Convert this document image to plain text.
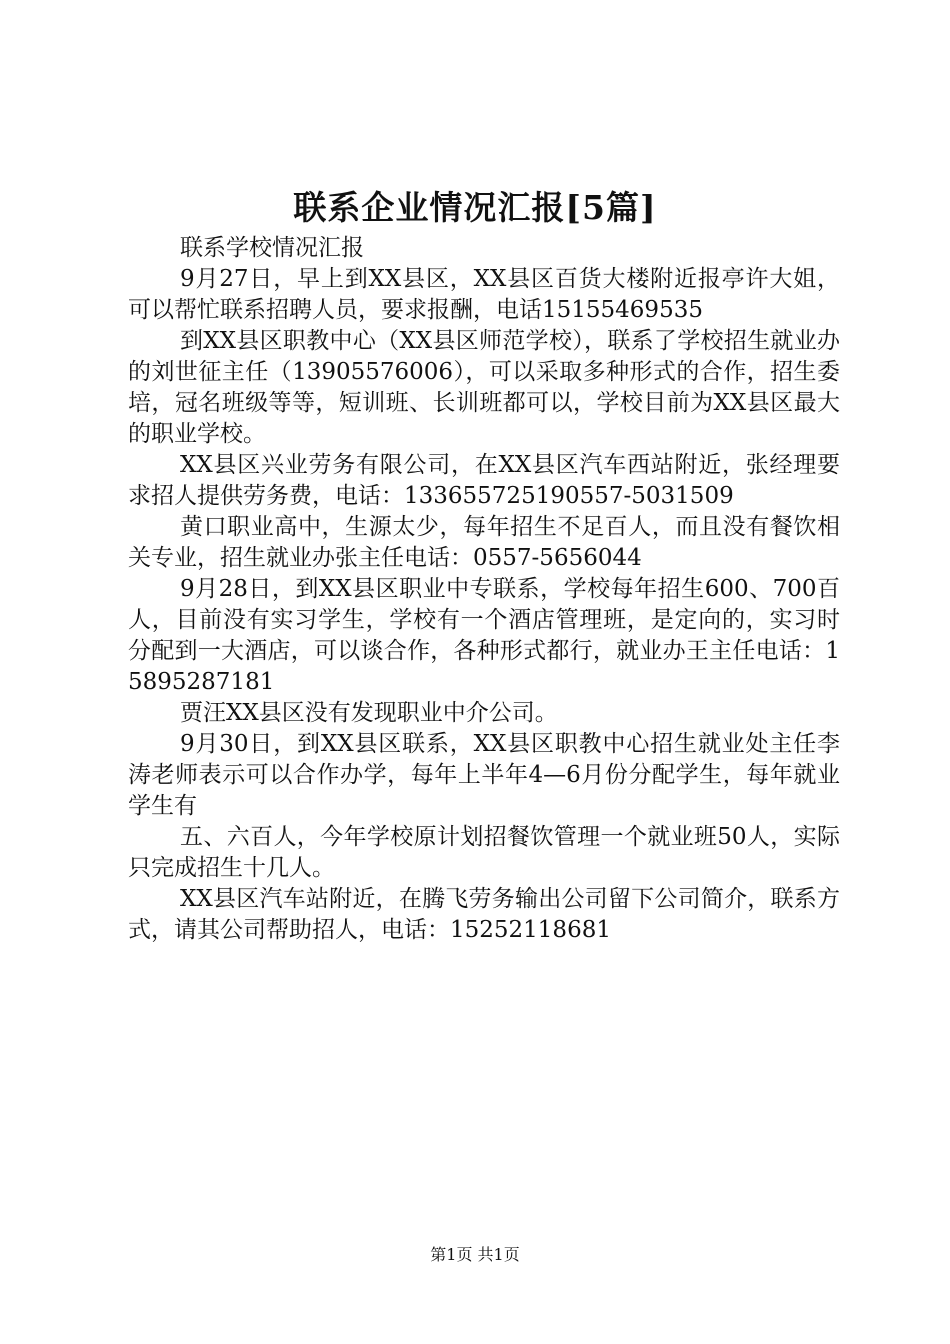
联系企业情况汇报[5篇]

联系学校情况汇报

9月27日，早上到XX县区，XX县区百货大楼附近报亭许大姐，可以帮忙联系招聘人员，要求报酬，电话15155469535

到XX县区职教中心（XX县区师范学校），联系了学校招生就业办的刘世征主任（13905576006），可以采取多种形式的合作，招生委培，冠名班级等等，短训班、长训班都可以，学校目前为XX县区最大的职业学校。

XX县区兴业劳务有限公司，在XX县区汽车西站附近，张经理要求招人提供劳务费，电话：133655725190557-5031509

黄口职业高中，生源太少，每年招生不足百人，而且没有餐饮相关专业，招生就业办张主任电话：0557-5656044

9月28日，到XX县区职业中专联系，学校每年招生600、700百人，目前没有实习学生，学校有一个酒店管理班，是定向的，实习时分配到一大酒店，可以谈合作，各种形式都行，就业办王主任电话：15895287181

贾汪XX县区没有发现职业中介公司。

9月30日，到XX县区联系，XX县区职教中心招生就业处主任李涛老师表示可以合作办学，每年上半年4—6月份分配学生，每年就业学生有

五、六百人，今年学校原计划招餐饮管理一个就业班50人，实际只完成招生十几人。

XX县区汽车站附近，在腾飞劳务输出公司留下公司简介，联系方式，请其公司帮助招人，电话：15252118681

第1页 共1页
